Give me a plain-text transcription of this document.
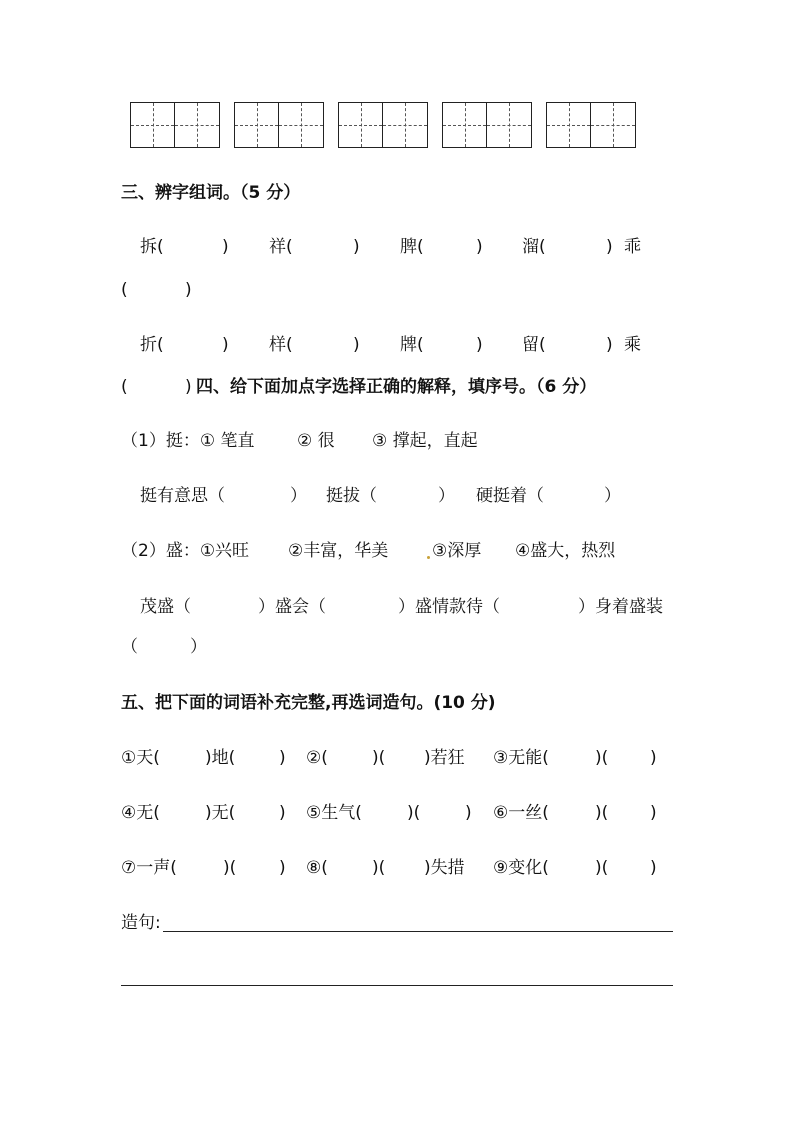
三、辨字组词。（5 分）
拆(	) 祥(	) 脾(	) 溜(	) 乖
(	)
折(	) 样(	) 牌(	) 留(	) 乘
(	) 四、给下面加点字选择正确的解释，填序号。（6 分）
（1）挺：① 笔直	② 很 ③ 撑起，直起
挺有意思（	） 挺拔（	） 硬挺着（	）
（2）盛：①兴旺 ②丰富，华美	③深厚 ④盛大，热烈
茂盛（	）盛会（	）盛情款待（	）身着盛装
（	）
五、把下面的词语补充完整,再选词造句。(10 分)
①天(	)地(	) ②(	)( )若狂 ③无能(	)( )
④无(	)无(	) ⑤生气(	)(	) ⑥一丝(	)( )
⑦一声(	)(	) ⑧(	)( )失措 ⑨变化(	)( )
造句:
